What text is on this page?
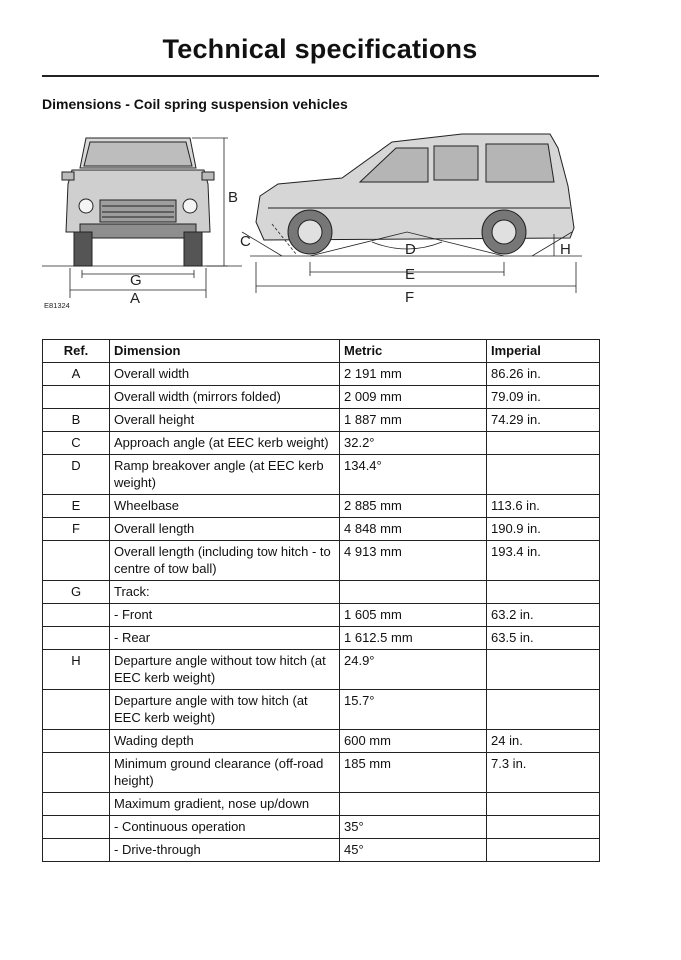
Technical specifications
Dimensions - Coil spring suspension vehicles
G
A
B
E81324
C	D
E
F
H
Ref.	Dimension	Metric	Imperial
A	Overall width	2 191 mm	86.26 in.
	Overall width (mirrors folded)	2 009 mm	79.09 in.
B	Overall height	1 887 mm	74.29 in.
C	Approach angle (at EEC kerb weight)	32.2°	
D	Ramp breakover angle (at EEC kerb weight)	134.4°	
E	Wheelbase	2 885 mm	113.6 in.
F	Overall length	4 848 mm	190.9 in.
	Overall length (including tow hitch - to centre of tow ball)	4 913 mm	193.4 in.
G	Track:		
	- Front	1 605 mm	63.2 in.
	- Rear	1 612.5 mm	63.5 in.
H	Departure angle without tow hitch (at EEC kerb weight)	24.9°	
	Departure angle with tow hitch (at EEC kerb weight)	15.7°	
	Wading depth	600 mm	24 in.
	Minimum ground clearance (off-road height)	185 mm	7.3 in.
	Maximum gradient, nose up/down		
	- Continuous operation	35°	
	- Drive-through	45°	
